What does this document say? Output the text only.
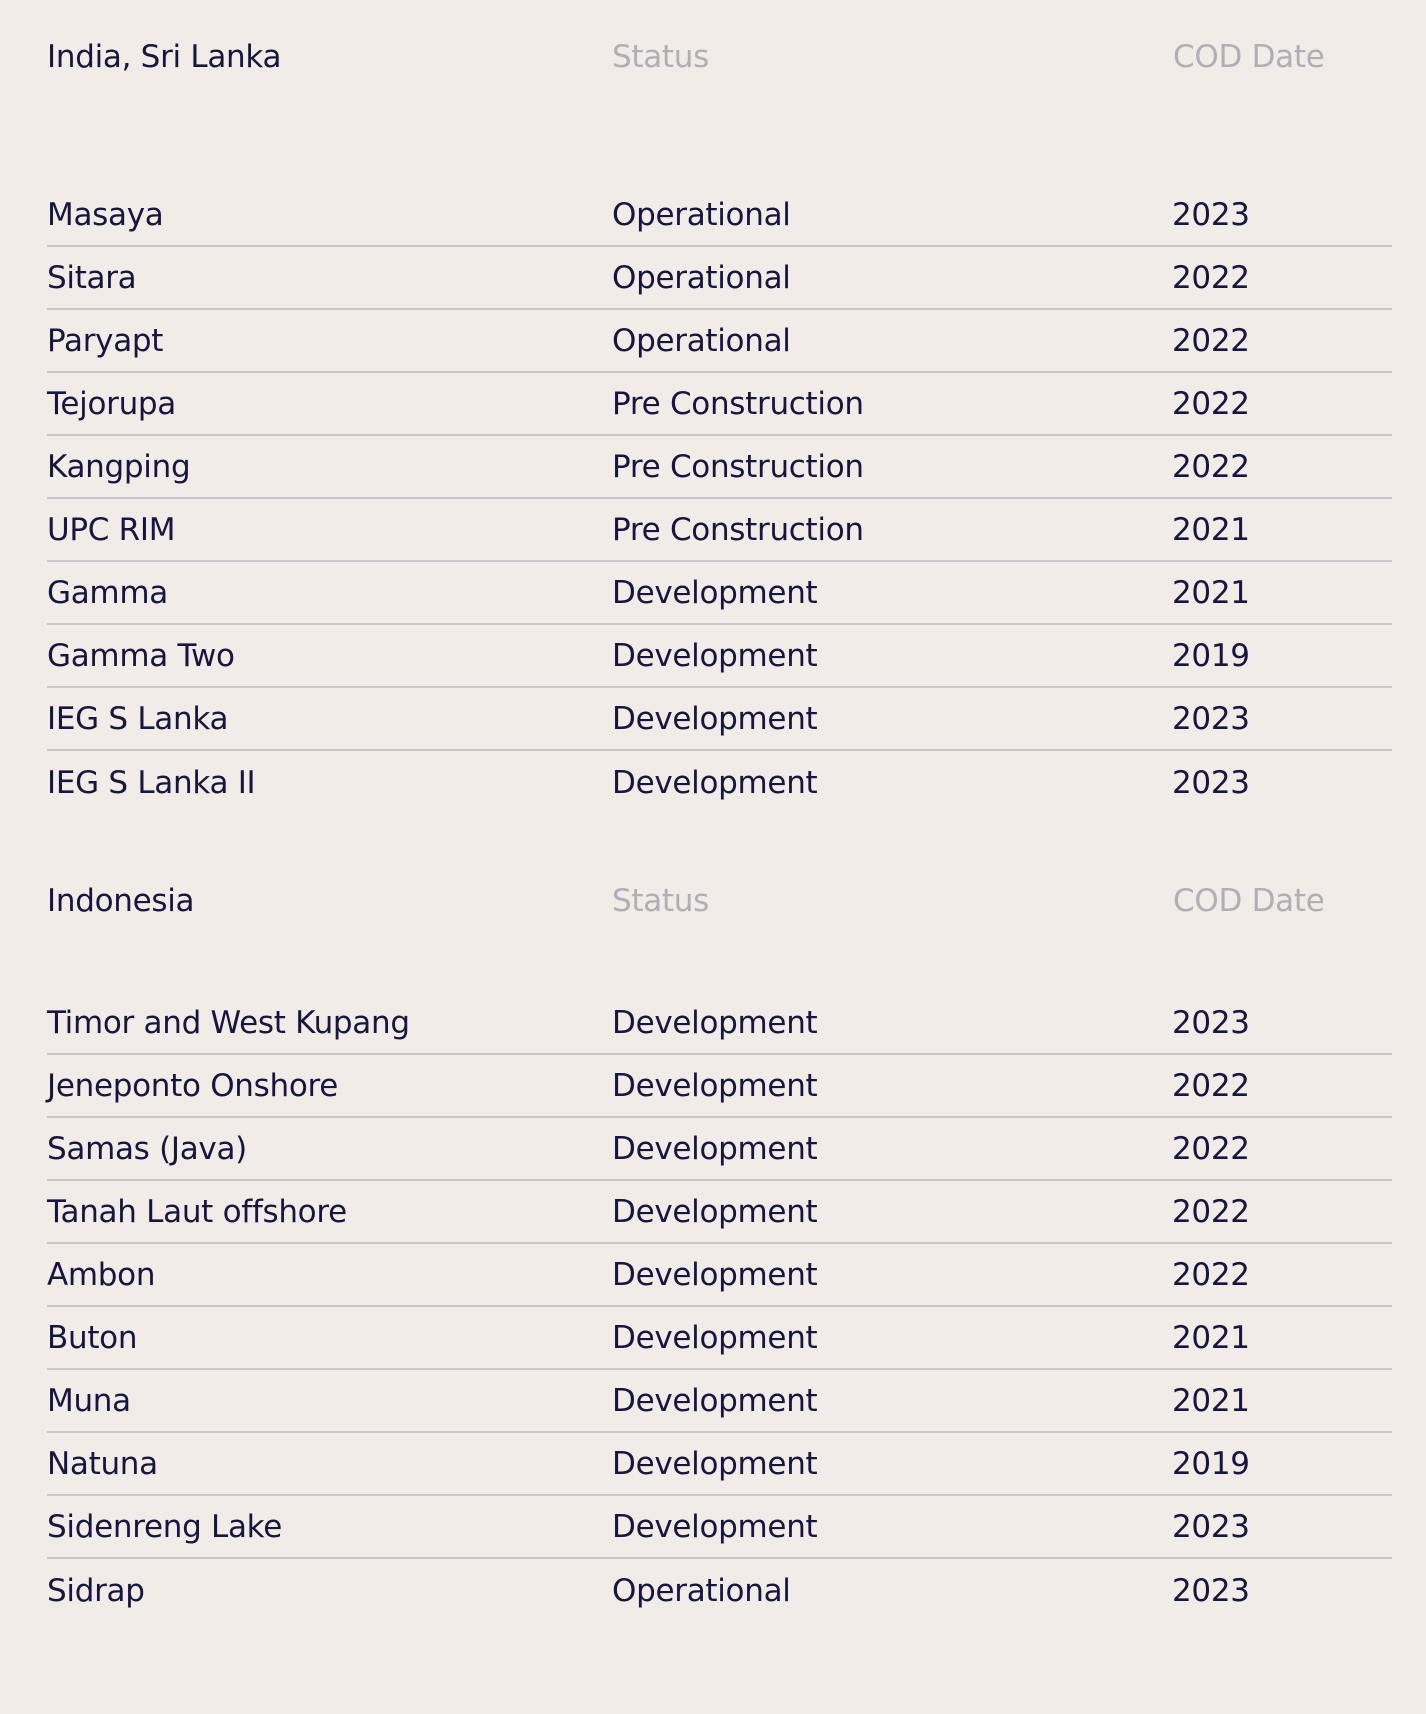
India, Sri Lanka	Status	COD Date
Masaya	Operational	2023
Sitara	Operational	2022
Paryapt	Operational	2022
Tejorupa	Pre Construction	2022
Kangping	Pre Construction	2022
UPC RIM	Pre Construction	2021
Gamma	Development	2021
Gamma Two	Development	2019
IEG S Lanka	Development	2023
IEG S Lanka II	Development	2023
Indonesia	Status	COD Date
Timor and West Kupang	Development	2023
Jeneponto Onshore	Development	2022
Samas (Java)	Development	2022
Tanah Laut offshore	Development	2022
Ambon	Development	2022
Buton	Development	2021
Muna	Development	2021
Natuna	Development	2019
Sidenreng Lake	Development	2023
Sidrap	Operational	2023
